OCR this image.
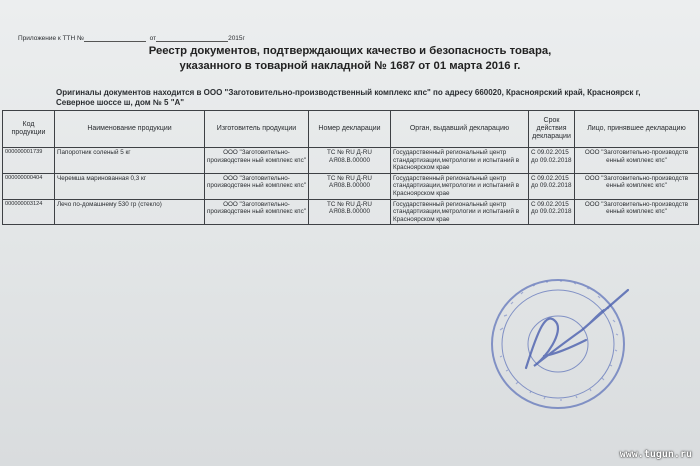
Приложение к ТТН №	от	2015г
Реестр документов, подтверждающих качество и безопасность товара,
указанного в товарной накладной № 1687 от 01 марта 2016 г.
Оригиналы документов находится в ООО "Заготовительно-производственный комплекс кпс" по адресу 660020, Красноярский край, Красноярск г, Северное шоссе ш, дом № 5 "А"
Код продукции	Наименование продукции	Изготовитель продукции	Номер декларации	Орган, выдавший декларацию	Срок действия декларации	Лицо, принявшее декларацию
000000001739	Папоротник соленый 5 кг	ООО "Заготовительно-производствен ный комплекс кпс"	ТС № RU Д-RU АЯ08.В.00000	Государственный региональный центр стандартизации,метрологии и испытаний в Красноярском крае	С 09.02.2015 до 09.02.2018	ООО "Заготовительно-производств енный комплекс кпс"
000000000404	Черемша маринованная 0,3 кг	ООО "Заготовительно-производствен ный комплекс кпс"	ТС № RU Д-RU АЯ08.В.00000	Государственный региональный центр стандартизации,метрологии и испытаний в Красноярском крае	С 09.02.2015 до 09.02.2018	ООО "Заготовительно-производств енный комплекс кпс"
000000003124	Лечо по-домашнему 530 гр (стекло)	ООО "Заготовительно-производствен ный комплекс кпс"	ТС № RU Д-RU АЯ08.В.00000	Государственный региональный центр стандартизации,метрологии и испытаний в Красноярском крае	С 09.02.2015 до 09.02.2018	ООО "Заготовительно-производств енный комплекс кпс"
www.tugun.ru
